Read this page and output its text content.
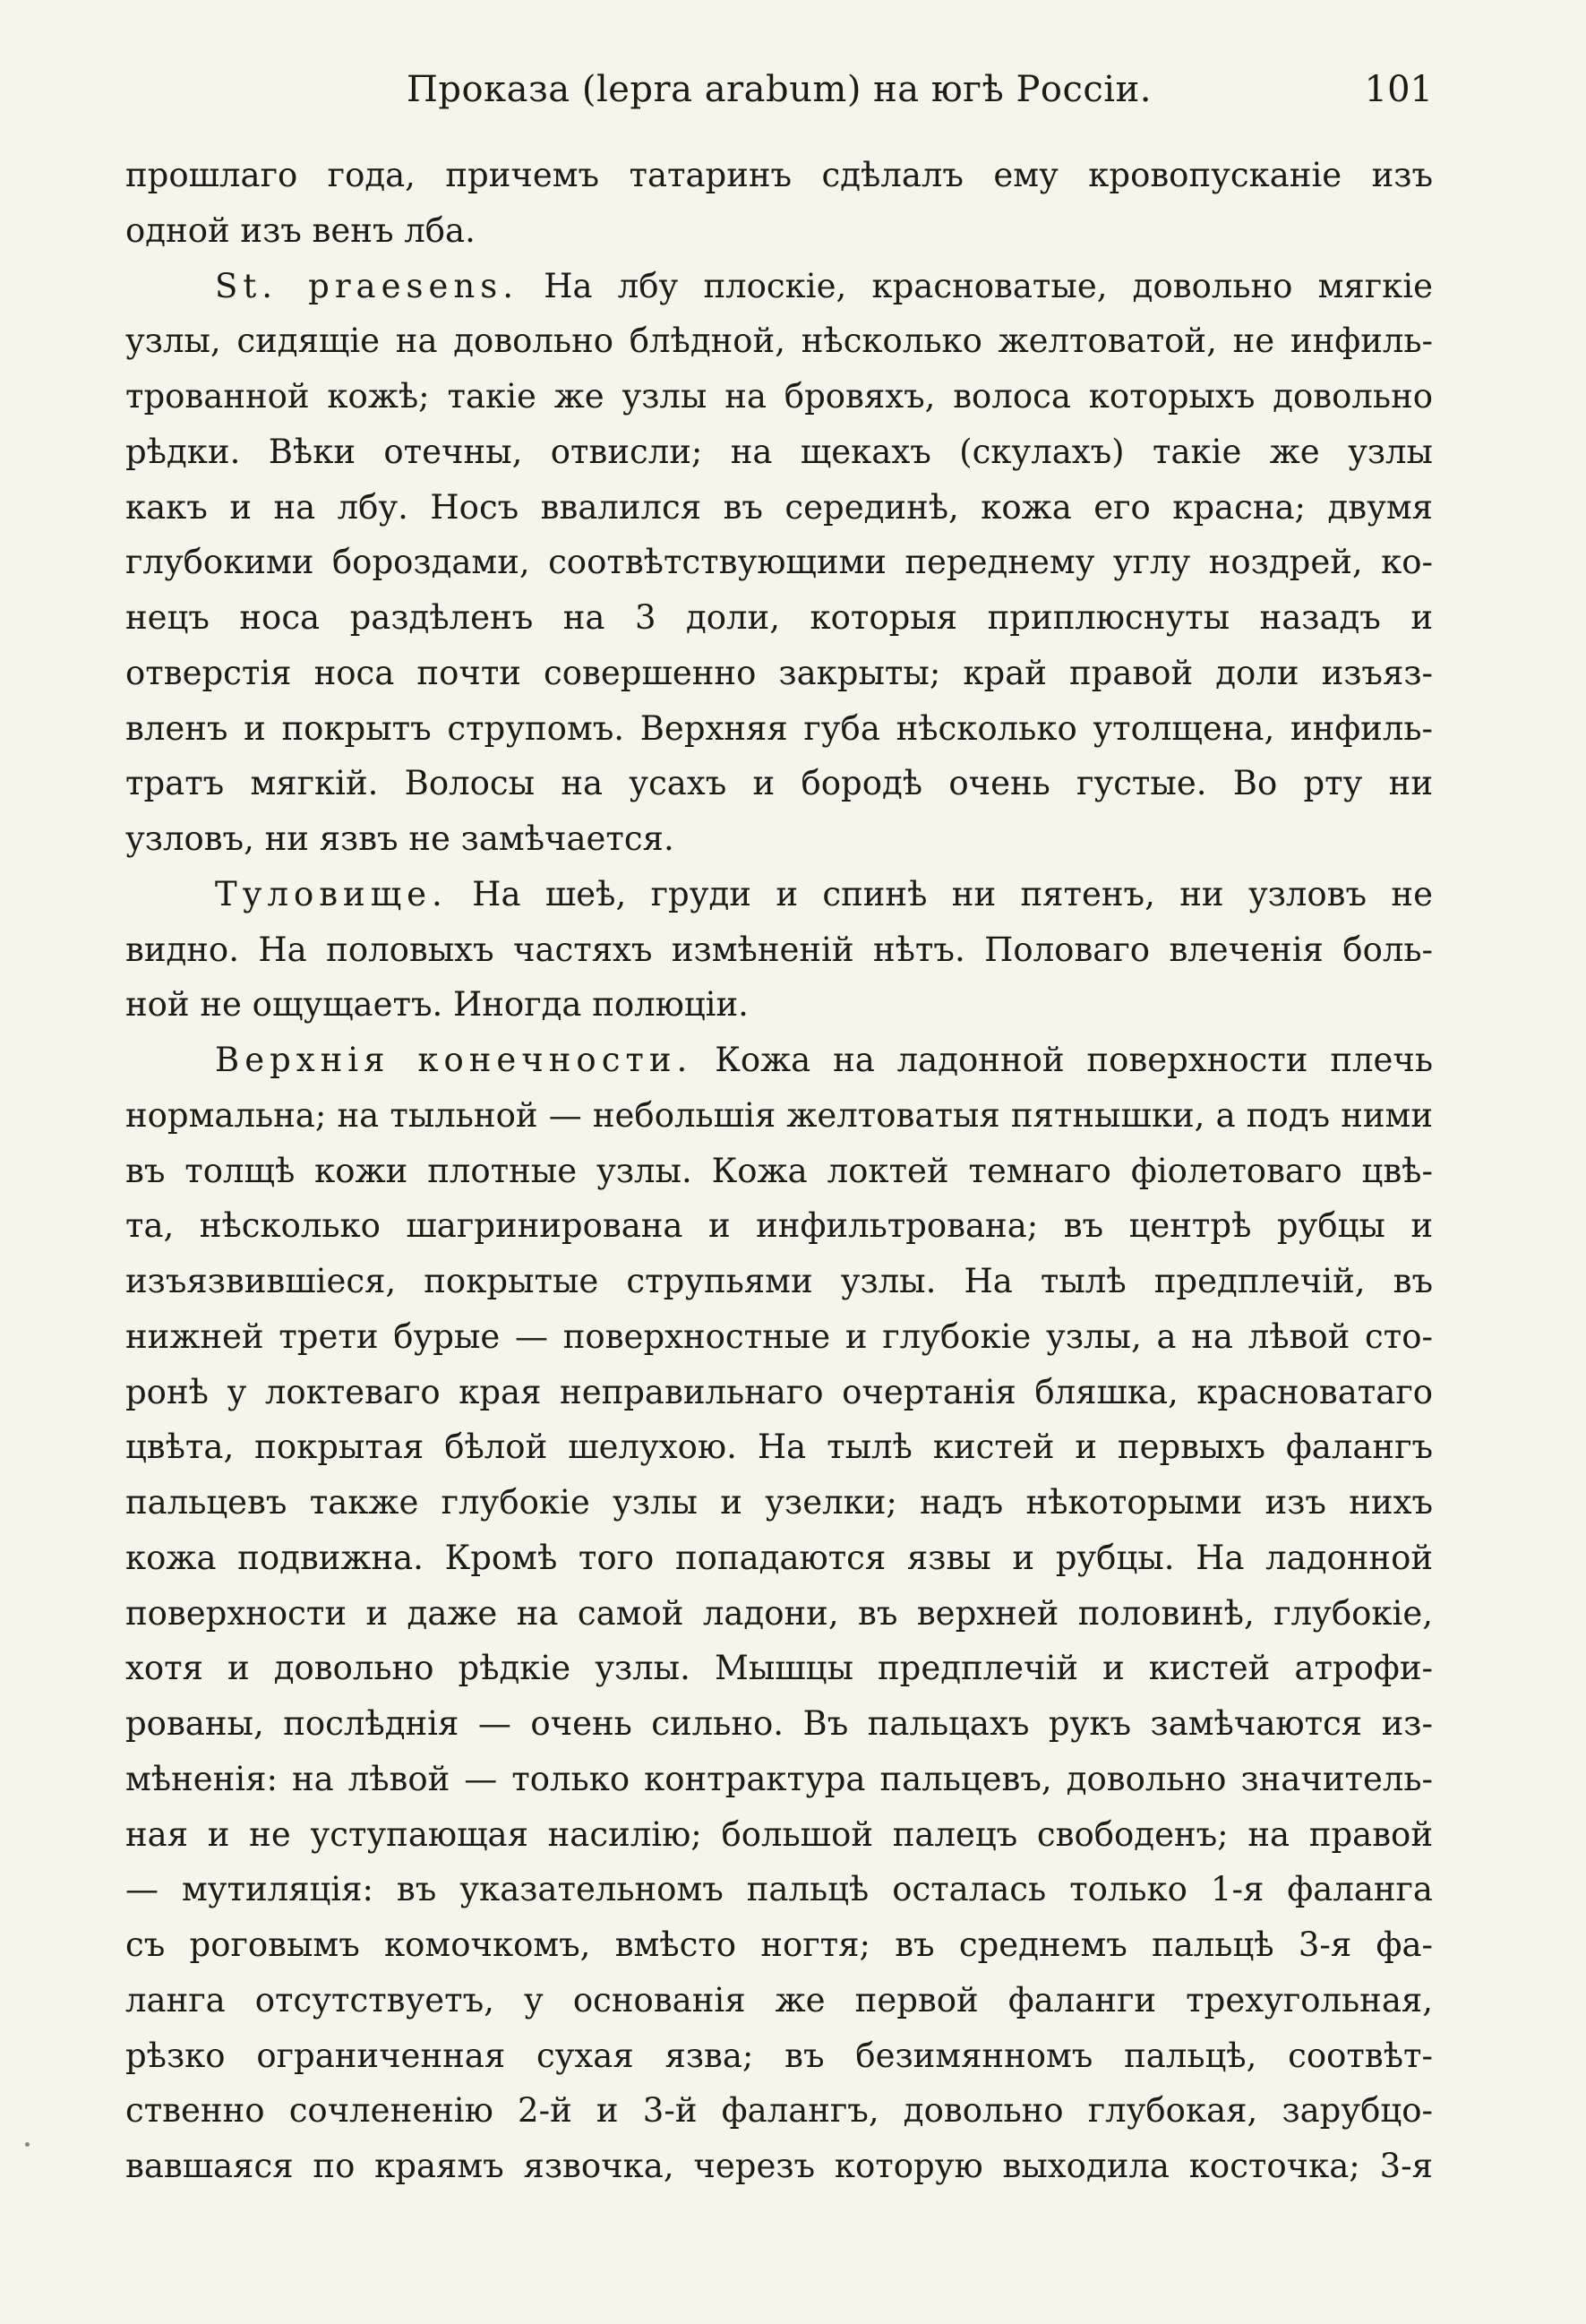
Проказа (lepra arabum) на югѣ Россіи.	101
прошлаго года, причемъ татаринъ сдѣлалъ ему кровопусканіе изъ
одной изъ венъ лба.
St. praesens. На лбу плоскіе, красноватые, довольно мягкіе
узлы, сидящіе на довольно блѣдной, нѣсколько желтоватой, не инфиль-
трованной кожѣ; такіе же узлы на бровяхъ, волоса которыхъ довольно
рѣдки. Вѣки отечны, отвисли; на щекахъ (скулахъ) такіе же узлы
какъ и на лбу. Носъ ввалился въ серединѣ, кожа его красна; двумя
глубокими бороздами, соотвѣтствующими переднему углу ноздрей, ко-
нецъ носа раздѣленъ на 3 доли, которыя приплюснуты назадъ и
отверстія носа почти совершенно закрыты; край правой доли изъяз-
вленъ и покрытъ струпомъ. Верхняя губа нѣсколько утолщена, инфиль-
тратъ мягкій. Волосы на усахъ и бородѣ очень густые. Во рту ни
узловъ, ни язвъ не замѣчается.
Туловище. На шеѣ, груди и спинѣ ни пятенъ, ни узловъ не
видно. На половыхъ частяхъ измѣненій нѣтъ. Половаго влеченія боль-
ной не ощущаетъ. Иногда полюціи.
Верхнія конечности. Кожа на ладонной поверхности плечь
нормальна; на тыльной — небольшія желтоватыя пятнышки, а подъ ними
въ толщѣ кожи плотные узлы. Кожа локтей темнаго фіолетоваго цвѣ-
та, нѣсколько шагринирована и инфильтрована; въ центрѣ рубцы и
изъязвившіеся, покрытые струпьями узлы. На тылѣ предплечій, въ
нижней трети бурые — поверхностные и глубокіе узлы, а на лѣвой сто-
ронѣ у локтеваго края неправильнаго очертанія бляшка, красноватаго
цвѣта, покрытая бѣлой шелухою. На тылѣ кистей и первыхъ фалангъ
пальцевъ также глубокіе узлы и узелки; надъ нѣкоторыми изъ нихъ
кожа подвижна. Кромѣ того попадаются язвы и рубцы. На ладонной
поверхности и даже на самой ладони, въ верхней половинѣ, глубокіе,
хотя и довольно рѣдкіе узлы. Мышцы предплечій и кистей атрофи-
рованы, послѣднія — очень сильно. Въ пальцахъ рукъ замѣчаются из-
мѣненія: на лѣвой — только контрактура пальцевъ, довольно значитель-
ная и не уступающая насилію; большой палецъ свободенъ; на правой
— мутиляція: въ указательномъ пальцѣ осталась только 1-я фаланга
съ роговымъ комочкомъ, вмѣсто ногтя; въ среднемъ пальцѣ 3-я фа-
ланга отсутствуетъ, у основанія же первой фаланги трехугольная,
рѣзко ограниченная сухая язва; въ безимянномъ пальцѣ, соотвѣт-
ственно сочлененію 2-й и 3-й фалангъ, довольно глубокая, зарубцо-
вавшаяся по краямъ язвочка, черезъ которую выходила косточка; 3-я
